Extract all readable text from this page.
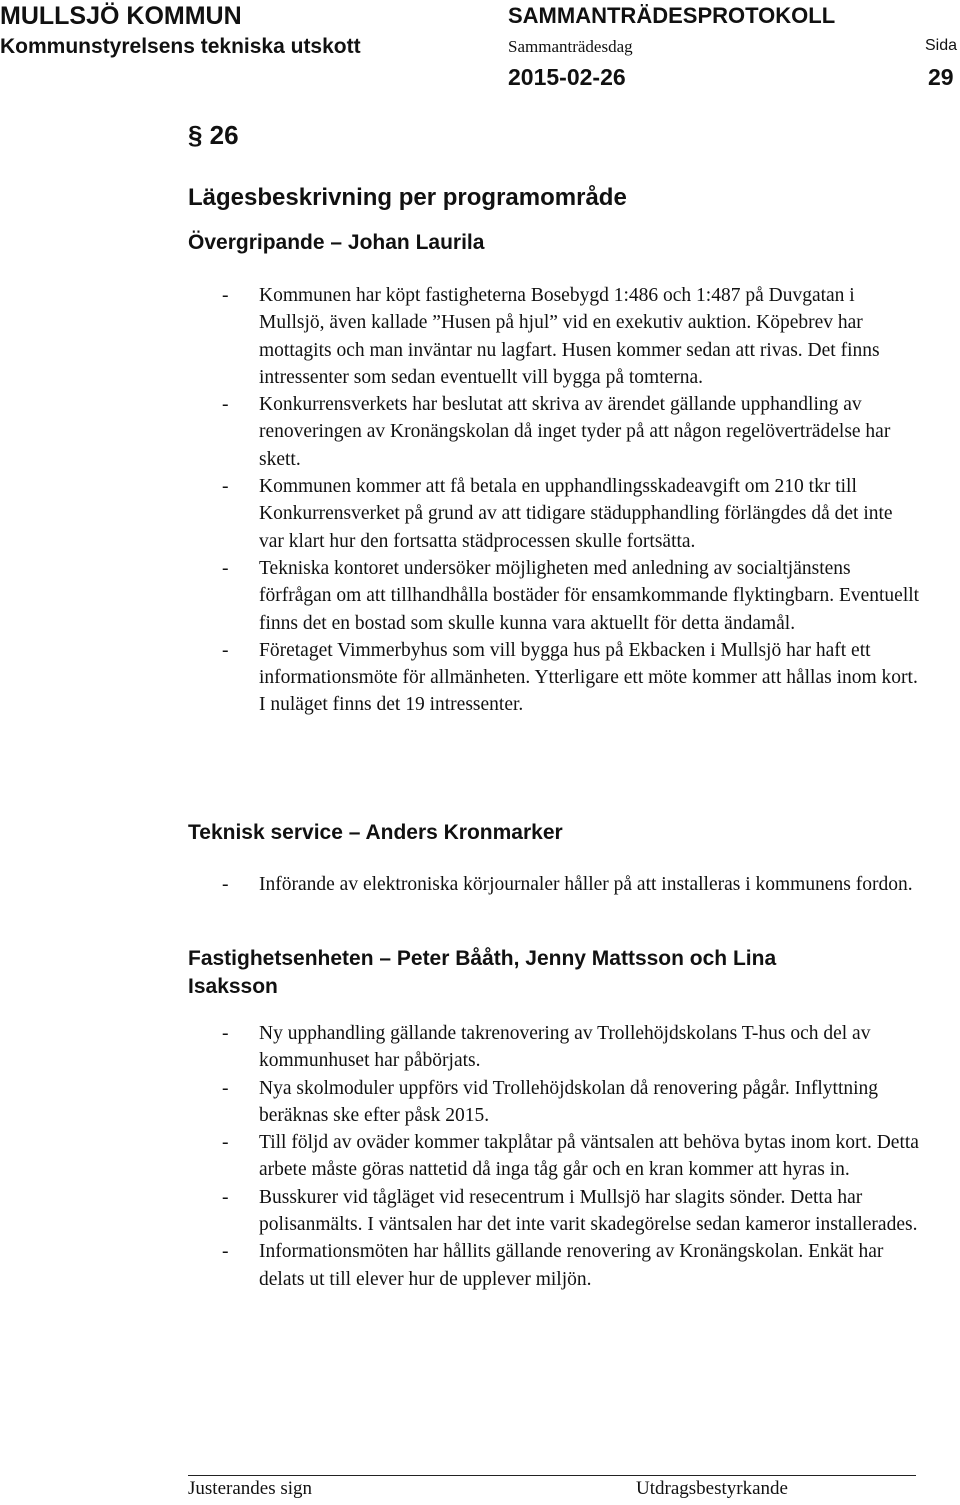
MULLSJÖ KOMMUN
Kommunstyrelsens tekniska utskott
SAMMANTRÄDESPROTOKOLL
Sammanträdesdag
2015-02-26
Sida
29
§ 26
Lägesbeskrivning per programområde
Övergripande – Johan Laurila
- Kommunen har köpt fastigheterna Bosebygd 1:486 och 1:487 på Duvgatan i Mullsjö, även kallade ”Husen på hjul” vid en exekutiv auktion. Köpebrev har mottagits och man inväntar nu lagfart. Husen kommer sedan att rivas. Det finns intressenter som sedan eventuellt vill bygga på tomterna.
- Konkurrensverkets har beslutat att skriva av ärendet gällande upphandling av renoveringen av Kronängskolan då inget tyder på att någon regelöverträdelse har skett.
- Kommunen kommer att få betala en upphandlingsskadeavgift om 210 tkr till Konkurrensverket på grund av att tidigare städupphandling förlängdes då det inte var klart hur den fortsatta städprocessen skulle fortsätta.
- Tekniska kontoret undersöker möjligheten med anledning av socialtjänstens förfrågan om att tillhandhålla bostäder för ensamkommande flyktingbarn. Eventuellt finns det en bostad som skulle kunna vara aktuellt för detta ändamål.
- Företaget Vimmerbyhus som vill bygga hus på Ekbacken i Mullsjö har haft ett informationsmöte för allmänheten. Ytterligare ett möte kommer att hållas inom kort. I nuläget finns det 19 intressenter.
Teknisk service – Anders Kronmarker
- Införande av elektroniska körjournaler håller på att installeras i kommunens fordon.
Fastighetsenheten – Peter Bååth, Jenny Mattsson och Lina Isaksson
- Ny upphandling gällande takrenovering av Trollehöjdskolans T-hus och del av kommunhuset har påbörjats.
- Nya skolmoduler uppförs vid Trollehöjdskolan då renovering pågår. Inflyttning beräknas ske efter påsk 2015.
- Till följd av oväder kommer takplåtar på väntsalen att behöva bytas inom kort. Detta arbete måste göras nattetid då inga tåg går och en kran kommer att hyras in.
- Busskurer vid tågläget vid resecentrum i Mullsjö har slagits sönder. Detta har polisanmälts. I väntsalen har det inte varit skadegörelse sedan kameror installerades.
- Informationsmöten har hållits gällande renovering av Kronängskolan. Enkät har delats ut till elever hur de upplever miljön.
Justerandes sign	Utdragsbestyrkande
